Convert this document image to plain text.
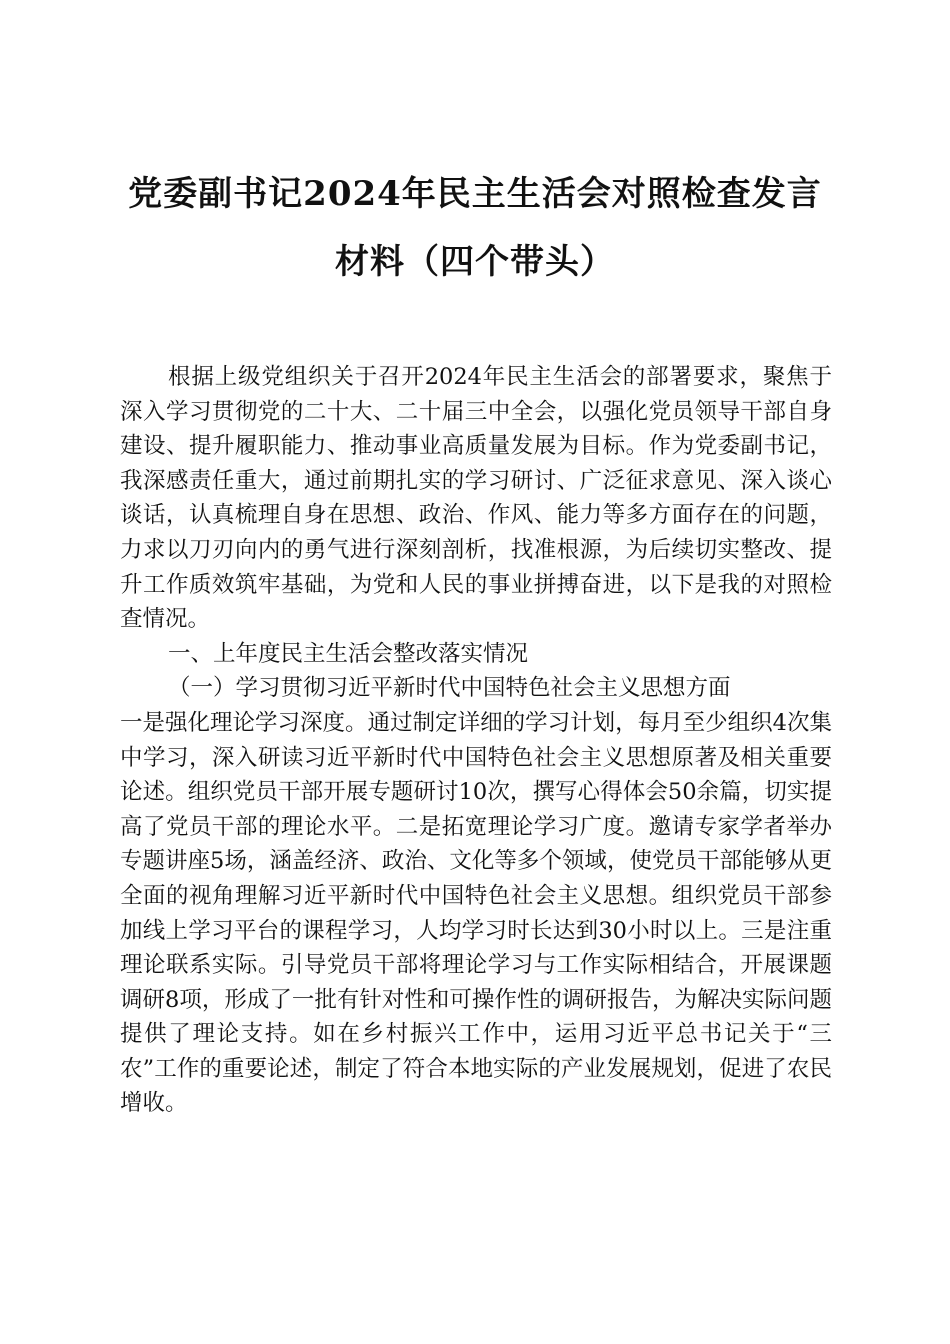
党委副书记2024年民主生活会对照检查发言
材料（四个带头）

根据上级党组织关于召开2024年民主生活会的部署要求，聚焦于深入学习贯彻党的二十大、二十届三中全会，以强化党员领导干部自身建设、提升履职能力、推动事业高质量发展为目标。作为党委副书记，我深感责任重大，通过前期扎实的学习研讨、广泛征求意见、深入谈心谈话，认真梳理自身在思想、政治、作风、能力等多方面存在的问题，力求以刀刃向内的勇气进行深刻剖析，找准根源，为后续切实整改、提升工作质效筑牢基础，为党和人民的事业拼搏奋进，以下是我的对照检查情况。

一、上年度民主生活会整改落实情况

（一）学习贯彻习近平新时代中国特色社会主义思想方面

一是强化理论学习深度。通过制定详细的学习计划，每月至少组织4次集中学习，深入研读习近平新时代中国特色社会主义思想原著及相关重要论述。组织党员干部开展专题研讨10次，撰写心得体会50余篇，切实提高了党员干部的理论水平。二是拓宽理论学习广度。邀请专家学者举办专题讲座5场，涵盖经济、政治、文化等多个领域，使党员干部能够从更全面的视角理解习近平新时代中国特色社会主义思想。组织党员干部参加线上学习平台的课程学习，人均学习时长达到30小时以上。三是注重理论联系实际。引导党员干部将理论学习与工作实际相结合，开展课题调研8项，形成了一批有针对性和可操作性的调研报告，为解决实际问题提供了理论支持。如在乡村振兴工作中，运用习近平总书记关于“三农”工作的重要论述，制定了符合本地实际的产业发展规划，促进了农民增收。
